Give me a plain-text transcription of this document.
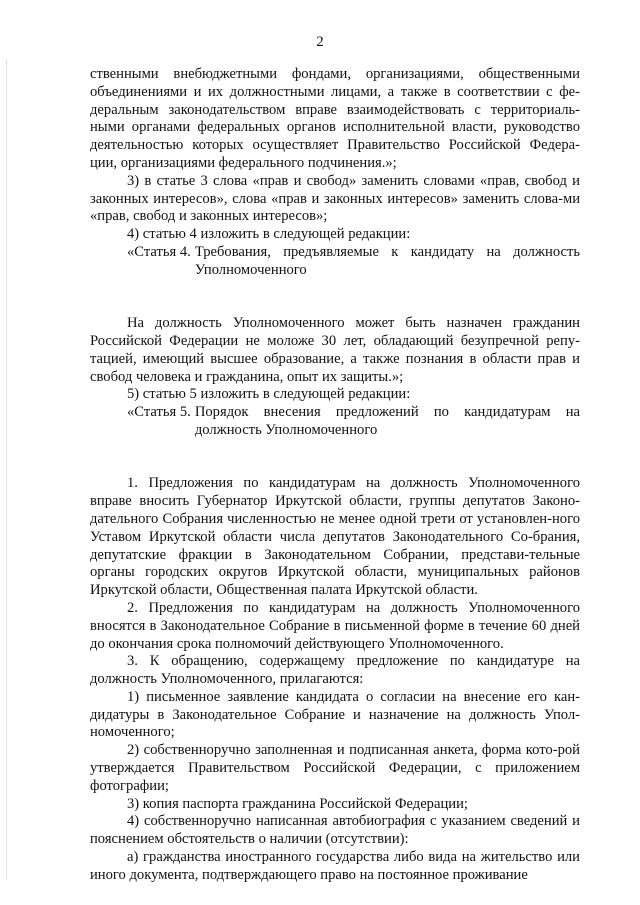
2

ственными внебюджетными фондами, организациями, общественными объединениями и их должностными лицами, а также в соответствии с фе-деральным законодательством вправе взаимодействовать с территориаль-ными органами федеральных органов исполнительной власти, руководство деятельностью которых осуществляет Правительство Российской Федера-ции, организациями федерального подчинения.»;

3) в статье 3 слова «прав и свобод» заменить словами «прав, свобод и законных интересов», слова «прав и законных интересов» заменить слова-ми «прав, свобод и законных интересов»;

4) статью 4 изложить в следующей редакции:

«Статья 4. Требования, предъявляемые к кандидату на должность Уполномоченного

На должность Уполномоченного может быть назначен гражданин Российской Федерации не моложе 30 лет, обладающий безупречной репу-тацией, имеющий высшее образование, а также познания в области прав и свобод человека и гражданина, опыт их защиты.»;

5) статью 5 изложить в следующей редакции:

«Статья 5. Порядок внесения предложений по кандидатурам на должность Уполномоченного

1. Предложения по кандидатурам на должность Уполномоченного вправе вносить Губернатор Иркутской области, группы депутатов Законо-дательного Собрания численностью не менее одной трети от установлен-ного Уставом Иркутской области числа депутатов Законодательного Со-брания, депутатские фракции в Законодательном Собрании, представи-тельные органы городских округов Иркутской области, муниципальных районов Иркутской области, Общественная палата Иркутской области.

2. Предложения по кандидатурам на должность Уполномоченного вносятся в Законодательное Собрание в письменной форме в течение 60 дней до окончания срока полномочий действующего Уполномоченного.

3. К обращению, содержащему предложение по кандидатуре на должность Уполномоченного, прилагаются:

1) письменное заявление кандидата о согласии на внесение его кан-дидатуры в Законодательное Собрание и назначение на должность Упол-номоченного;

2) собственноручно заполненная и подписанная анкета, форма кото-рой утверждается Правительством Российской Федерации, с приложением фотографии;

3) копия паспорта гражданина Российской Федерации;

4) собственноручно написанная автобиография с указанием сведений и пояснением обстоятельств о наличии (отсутствии):

а) гражданства иностранного государства либо вида на жительство или иного документа, подтверждающего право на постоянное проживание
